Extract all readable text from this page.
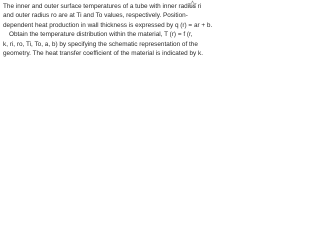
The inner and outer surface temperatures of a tube with inner radius ri
and outer radius ro are at Ti and To values, respectively. Position-
dependent heat production in wall thickness is expressed by q (r) = ar + b.
Obtain the temperature distribution within the material, T (r) = f (r,
k, ri, ro, Ti, To, a, b) by specifying the schematic representation of the
geometry. The heat transfer coefficient of the material is indicated by k.
